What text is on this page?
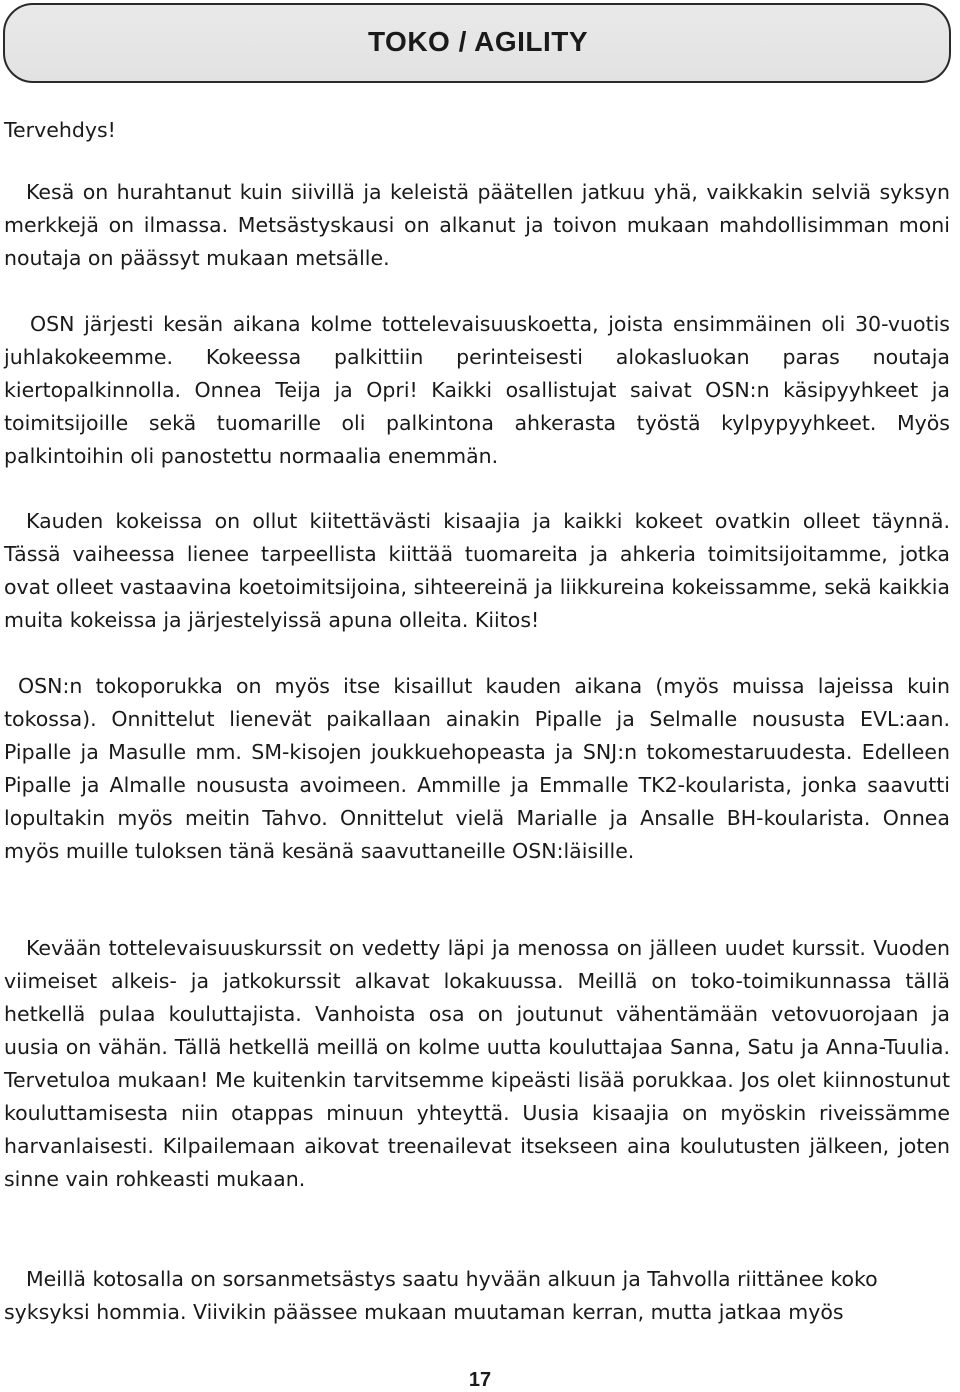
TOKO / AGILITY

Tervehdys!

Kesä on hurahtanut kuin siivillä ja keleistä päätellen jatkuu yhä, vaikkakin selviä syksyn merkkejä on ilmassa. Metsästyskausi on alkanut ja toivon mukaan mahdollisimman moni noutaja on päässyt mukaan metsälle.

OSN järjesti kesän aikana kolme tottelevaisuuskoetta, joista ensimmäinen oli 30-vuotis juhlakokeemme. Kokeessa palkittiin perinteisesti alokasluokan paras noutaja kiertopalkinnolla. Onnea Teija ja Opri! Kaikki osallistujat saivat OSN:n käsipyyhkeet ja toimitsijoille sekä tuomarille oli palkintona ahkerasta työstä kylpypyyhkeet. Myös palkintoihin oli panostettu normaalia enemmän.

Kauden kokeissa on ollut kiitettävästi kisaajia ja kaikki kokeet ovatkin olleet täynnä. Tässä vaiheessa lienee tarpeellista kiittää tuomareita ja ahkeria toimitsijoitamme, jotka ovat olleet vastaavina koetoimitsijoina, sihteereinä ja liikkureina kokeissamme, sekä kaikkia muita kokeissa ja järjestelyissä apuna olleita. Kiitos!

OSN:n tokoporukka on myös itse kisaillut kauden aikana (myös muissa lajeissa kuin tokossa). Onnittelut lienevät paikallaan ainakin Pipalle ja Selmalle noususta EVL:aan. Pipalle ja Masulle mm. SM-kisojen joukkuehopeasta ja SNJ:n tokomestaruudesta. Edelleen Pipalle ja Almalle noususta avoimeen. Ammille ja Emmalle TK2-koularista, jonka saavutti lopultakin myös meitin Tahvo. Onnittelut vielä Marialle ja Ansalle BH-koularista. Onnea myös muille tuloksen tänä kesänä saavuttaneille OSN:läisille.

Kevään tottelevaisuuskurssit on vedetty läpi ja menossa on jälleen uudet kurssit. Vuoden viimeiset alkeis- ja jatkokurssit alkavat lokakuussa. Meillä on toko-toimikunnassa tällä hetkellä pulaa kouluttajista. Vanhoista osa on joutunut vähentämään vetovuorojaan ja uusia on vähän. Tällä hetkellä meillä on kolme uutta kouluttajaa Sanna, Satu ja Anna-Tuulia. Tervetuloa mukaan! Me kuitenkin tarvitsemme kipeästi lisää porukkaa. Jos olet kiinnostunut kouluttamisesta niin otappas minuun yhteyttä. Uusia kisaajia on myöskin riveissämme harvanlaisesti. Kilpailemaan aikovat treenailevat itsekseen aina koulutusten jälkeen, joten sinne vain rohkeasti mukaan.

Meillä kotosalla on sorsanmetsästys saatu hyvään alkuun ja Tahvolla riittänee koko syksyksi hommia. Viivikin päässee mukaan muutaman kerran, mutta jatkaa myös

17
